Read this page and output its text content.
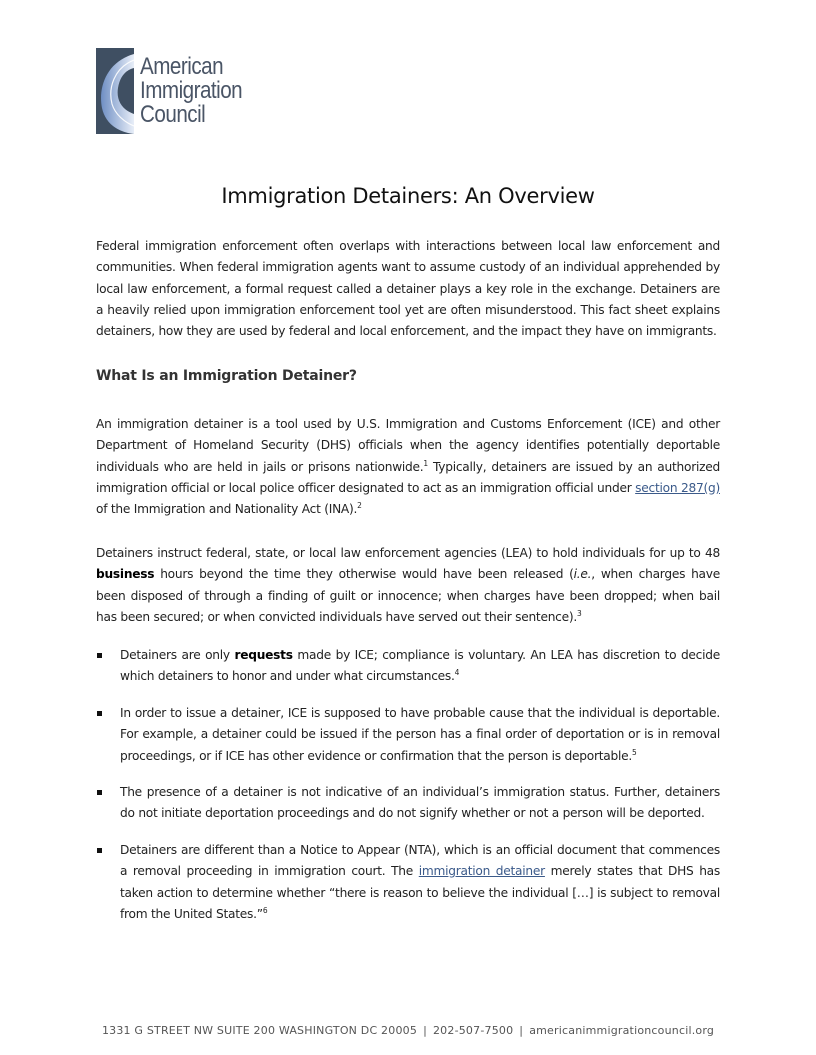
American
Immigration
Council
Immigration Detainers: An Overview
Federal immigration enforcement often overlaps with interactions between local law enforcement and communities. When federal immigration agents want to assume custody of an individual apprehended by local law enforcement, a formal request called a detainer plays a key role in the exchange. Detainers are a heavily relied upon immigration enforcement tool yet are often misunderstood. This fact sheet explains detainers, how they are used by federal and local enforcement, and the impact they have on immigrants.
What Is an Immigration Detainer?
An immigration detainer is a tool used by U.S. Immigration and Customs Enforcement (ICE) and other Department of Homeland Security (DHS) officials when the agency identifies potentially deportable individuals who are held in jails or prisons nationwide.$^1$ Typically, detainers are issued by an authorized immigration official or local police officer designated to act as an immigration official under section 287(g) of the Immigration and Nationality Act (INA).$^2$
Detainers instruct federal, state, or local law enforcement agencies (LEA) to hold individuals for up to 48 business hours beyond the time they otherwise would have been released (i.e., when charges have been disposed of through a finding of guilt or innocence; when charges have been dropped; when bail has been secured; or when convicted individuals have served out their sentence).$^3$
Detainers are only requests made by ICE; compliance is voluntary. An LEA has discretion to decide which detainers to honor and under what circumstances.$^4$
In order to issue a detainer, ICE is supposed to have probable cause that the individual is deportable. For example, a detainer could be issued if the person has a final order of deportation or is in removal proceedings, or if ICE has other evidence or confirmation that the person is deportable.$^5$
The presence of a detainer is not indicative of an individual’s immigration status. Further, detainers do not initiate deportation proceedings and do not signify whether or not a person will be deported.
Detainers are different than a Notice to Appear (NTA), which is an official document that commences a removal proceeding in immigration court. The immigration detainer merely states that DHS has taken action to determine whether “there is reason to believe the individual […] is subject to removal from the United States.”$^6$
1331 G STREET NW SUITE 200 WASHINGTON DC 20005 | 202-507-7500 | americanimmigrationcouncil.org
